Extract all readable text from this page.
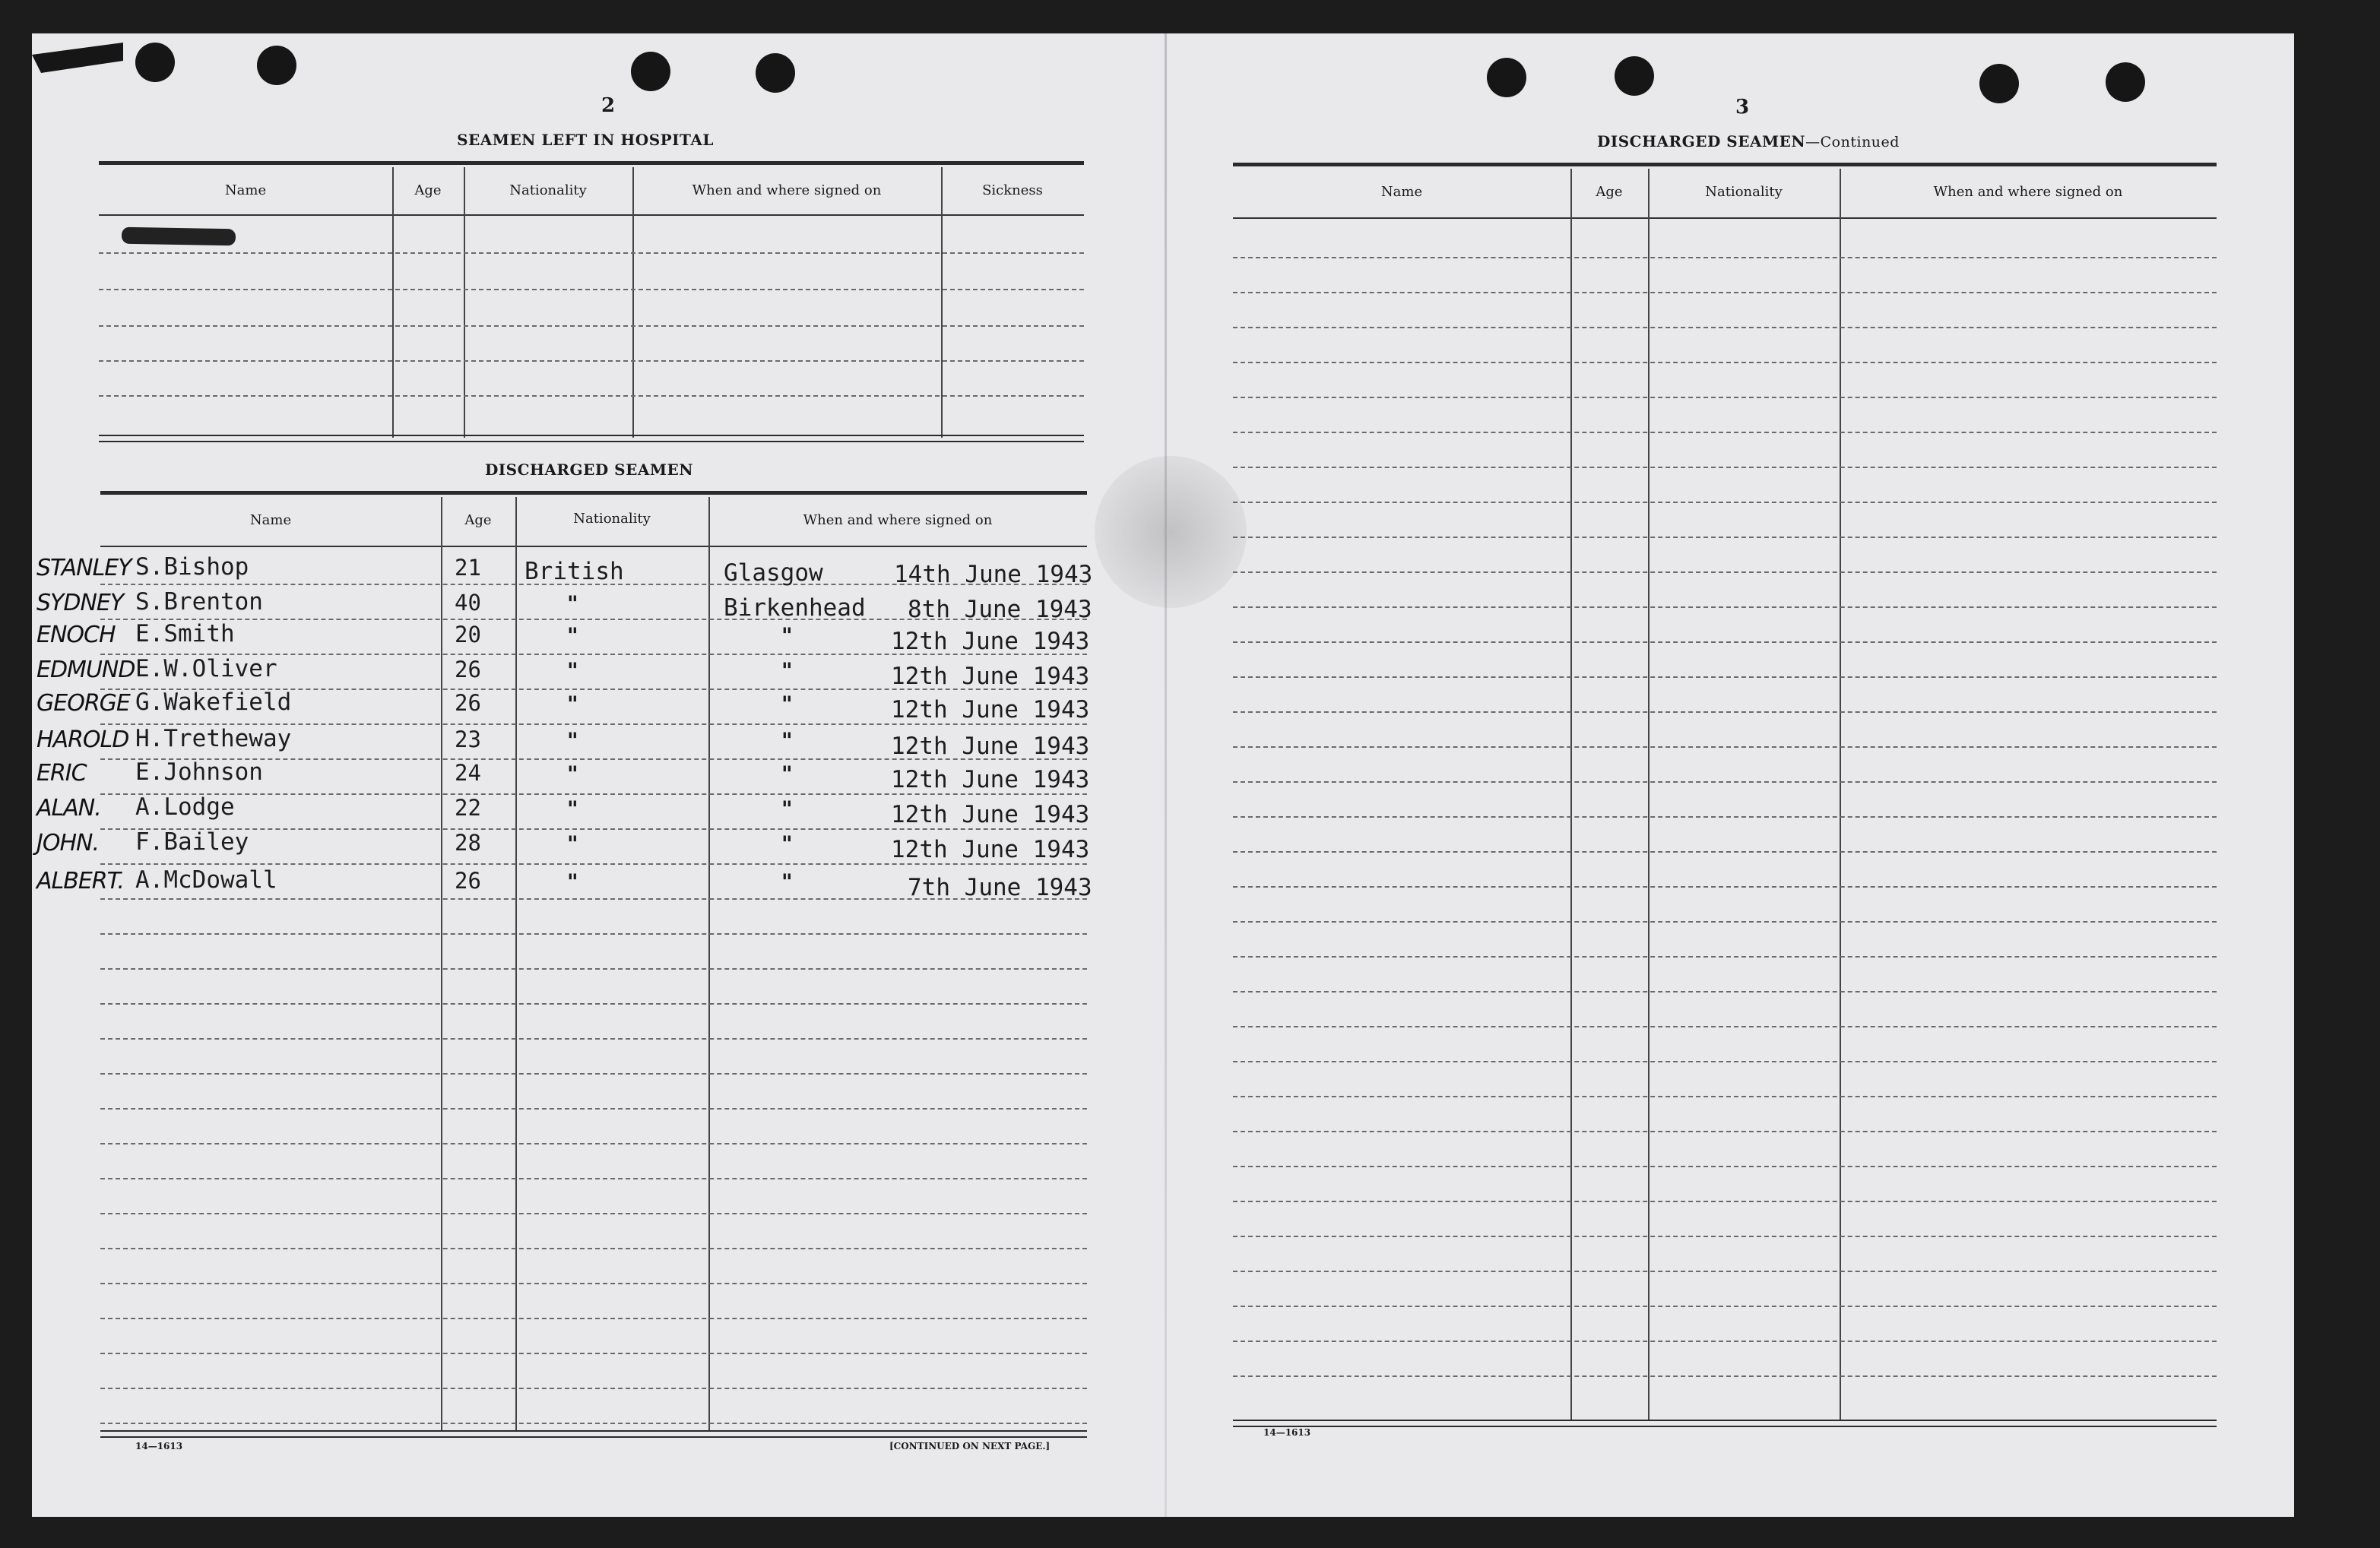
2
SEAMEN LEFT IN HOSPITAL
Name	Age	Nationality	When and where signed on	Sickness
DISCHARGED SEAMEN
Name	Age	Nationality	When and where signed on
STANLEY S.Bishop	21 British	Glasgow	14th June 1943
SYDNEY S.Brenton	40	"	Birkenhead 8th June 1943
ENOCH E.Smith	20	"	"	12th June 1943
EDMUND E.W.Oliver	26	"	"	12th June 1943
GEORGE G.Wakefield	26	"	"	12th June 1943
HAROLD H.Tretheway	23	"	"	12th June 1943
ERIC E.Johnson	24	"	"	12th June 1943
ALAN. A.Lodge	22	"	"	12th June 1943
JOHN. F.Bailey	28	"	"	12th June 1943
ALBERT. A.McDowall	26	"	"	7th June 1943
14—1613	[CONTINUED ON NEXT PAGE.]
3
DISCHARGED SEAMEN—Continued
Name	Age	Nationality	When and where signed on
14—1613
